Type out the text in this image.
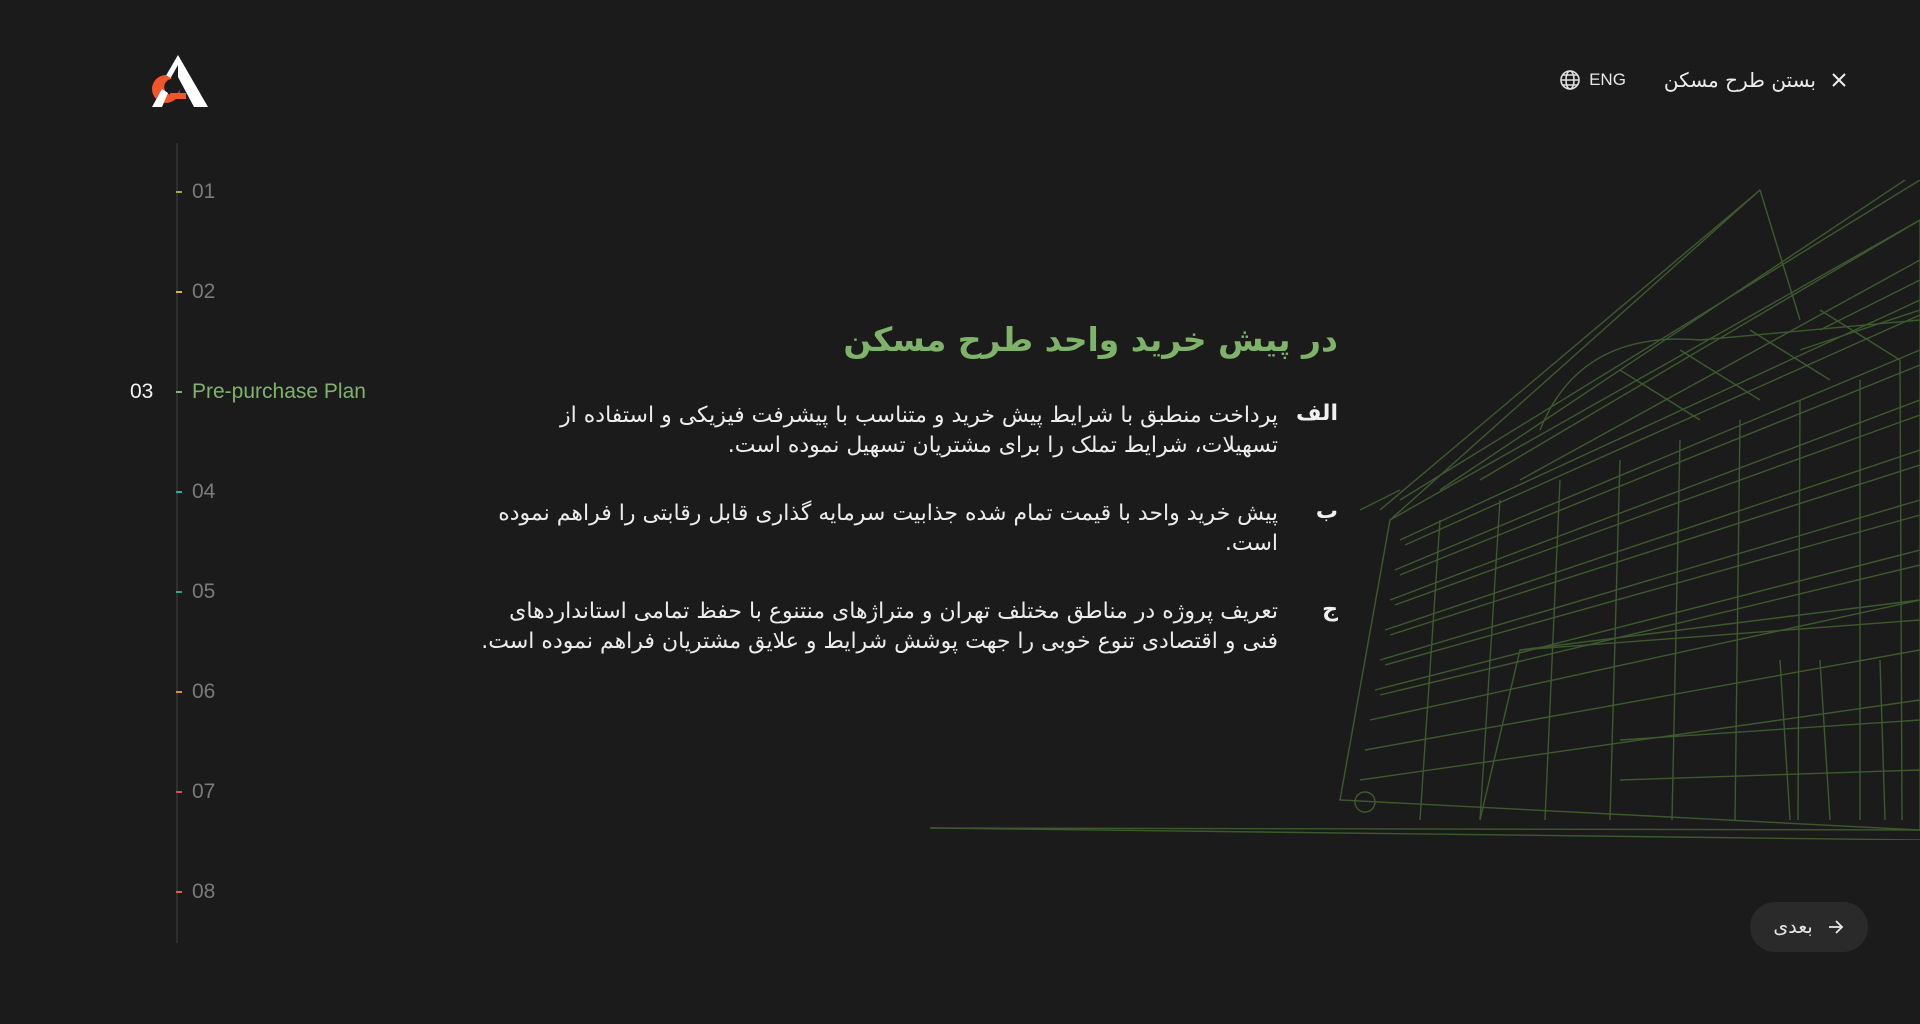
ENG بستن طرح مسکن
01
02
03 Pre-purchase Plan
04
05
06
07
08
در پیش خرید واحد طرح مسکن
الف
پرداخت منطبق با شرایط پیش خرید و متناسب با پیشرفت فیزیکی و استفاده از تسهیلات، شرایط تملک را برای مشتریان تسهیل نموده است.
ب
پیش خرید واحد با قیمت تمام شده جذابیت سرمایه گذاری قابل رقابتی را فراهم نموده است.
ج
تعریف پروژه در مناطق مختلف تهران و متراژهای منتنوع با حفظ تمامی استانداردهای فنی و اقتصادی تنوع خوبی را جهت پوشش شرایط و علایق مشتریان فراهم نموده است.
بعدی
